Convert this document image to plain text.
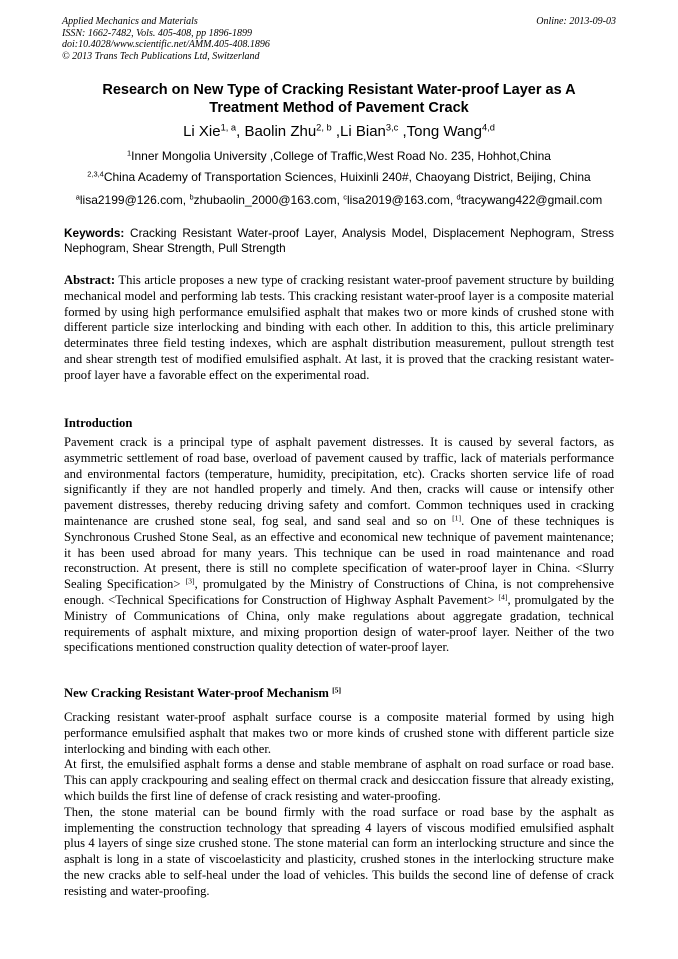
Applied Mechanics and Materials
ISSN: 1662-7482, Vols. 405-408, pp 1896-1899
doi:10.4028/www.scientific.net/AMM.405-408.1896
© 2013 Trans Tech Publications Ltd, Switzerland
Online: 2013-09-03
Research on New Type of Cracking Resistant Water-proof Layer as A
Treatment Method of Pavement Crack
Li Xie$^{1, a}$, Baolin Zhu$^{2, b}$ ,Li Bian$^{3,c}$ ,Tong Wang$^{4,d}$
$^1$Inner Mongolia University ,College of Traffic,West Road No. 235, Hohhot,China
$^{2,3,4}$China Academy of Transportation Sciences, Huixinli 240#, Chaoyang District, Beijing, China
$^a$lisa2199@126.com, $^b$zhubaolin_2000@163.com, $^c$lisa2019@163.com, $^d$tracywang422@gmail.com
Keywords: Cracking Resistant Water-proof Layer, Analysis Model, Displacement Nephogram, Stress Nephogram, Shear Strength, Pull Strength
Abstract: This article proposes a new type of cracking resistant water-proof pavement structure by building mechanical model and performing lab tests. This cracking resistant water-proof layer is a composite material formed by using high performance emulsified asphalt that makes two or more kinds of crushed stone with different particle size interlocking and binding with each other. In addition to this, this article preliminary determinates three field testing indexes, which are asphalt distribution measurement, pullout strength test and shear strength test of modified emulsified asphalt. At last, it is proved that the cracking resistant water-proof layer have a favorable effect on the experimental road.
Introduction
Pavement crack is a principal type of asphalt pavement distresses. It is caused by several factors, as asymmetric settlement of road base, overload of pavement caused by traffic, lack of materials performance and environmental factors (temperature, humidity, precipitation, etc). Cracks shorten service life of road significantly if they are not handled properly and timely. And then, cracks will cause or intensify other pavement distresses, thereby reducing driving safety and comfort. Common techniques used in cracking maintenance are crushed stone seal, fog seal, and sand seal and so on [1]. One of these techniques is Synchronous Crushed Stone Seal, as an effective and economical new technique of pavement maintenance; it has been used abroad for many years. This technique can be used in road maintenance and road reconstruction. At present, there is still no complete specification of water-proof layer in China. <Slurry Sealing Specification> [3], promulgated by the Ministry of Constructions of China, is not comprehensive enough. <Technical Specifications for Construction of Highway Asphalt Pavement> [4], promulgated by the Ministry of Communications of China, only make regulations about aggregate gradation, technical requirements of asphalt mixture, and mixing proportion design of water-proof layer. Neither of the two specifications mentioned construction quality detection of water-proof layer.
New Cracking Resistant Water-proof Mechanism [5]

Cracking resistant water-proof asphalt surface course is a composite material formed by using high performance emulsified asphalt that makes two or more kinds of crushed stone with different particle size interlocking and binding with each other.

At first, the emulsified asphalt forms a dense and stable membrane of asphalt on road surface or road base. This can apply crackpouring and sealing effect on thermal crack and desiccation fissure that already existing, which builds the first line of defense of crack resisting and water-proofing.

Then, the stone material can be bound firmly with the road surface or road base by the asphalt as implementing the construction technology that spreading 4 layers of viscous modified emulsified asphalt plus 4 layers of singe size crushed stone. The stone material can form an interlocking structure and since the asphalt is long in a state of viscoelasticity and plasticity, crushed stones in the interlocking structure make the new cracks able to self-heal under the load of vehicles. This builds the second line of defense of crack resisting and water-proofing.
